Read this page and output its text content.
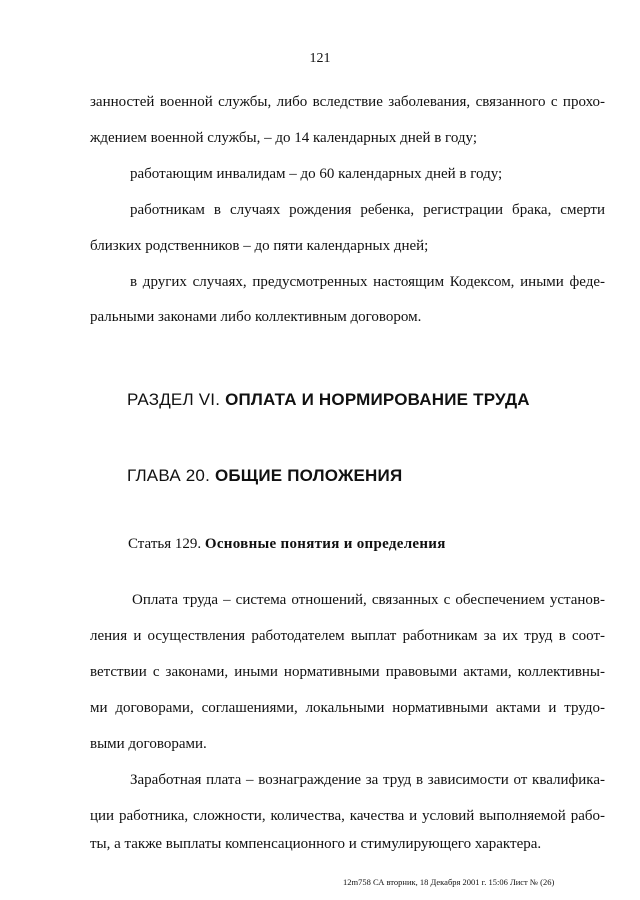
121
занностей военной службы, либо вследствие заболевания, связанного с прохо-
ждением военной службы, – до 14 календарных дней в году;
работающим инвалидам – до 60 календарных дней в году;
работникам в случаях рождения ребенка, регистрации брака, смерти
близких родственников – до пяти календарных дней;
в других случаях, предусмотренных настоящим Кодексом, иными феде-
ральными законами либо коллективным договором.
РАЗДЕЛ VI. ОПЛАТА И НОРМИРОВАНИЕ ТРУДА
ГЛАВА 20. ОБЩИЕ ПОЛОЖЕНИЯ
Статья 129. Основные понятия и определения
Оплата труда – система отношений, связанных с обеспечением установ-
ления и осуществления работодателем выплат работникам за их труд в соот-
ветствии с законами, иными нормативными правовыми актами, коллективны-
ми договорами, соглашениями, локальными нормативными актами и трудо-
выми договорами.
Заработная плата – вознаграждение за труд в зависимости от квалифика-
ции работника, сложности, количества, качества и условий выполняемой рабо-
ты, а также выплаты компенсационного и стимулирующего характера.
12m758 СА вторник, 18 Декабря 2001 г. 15:06 Лист № (26)
